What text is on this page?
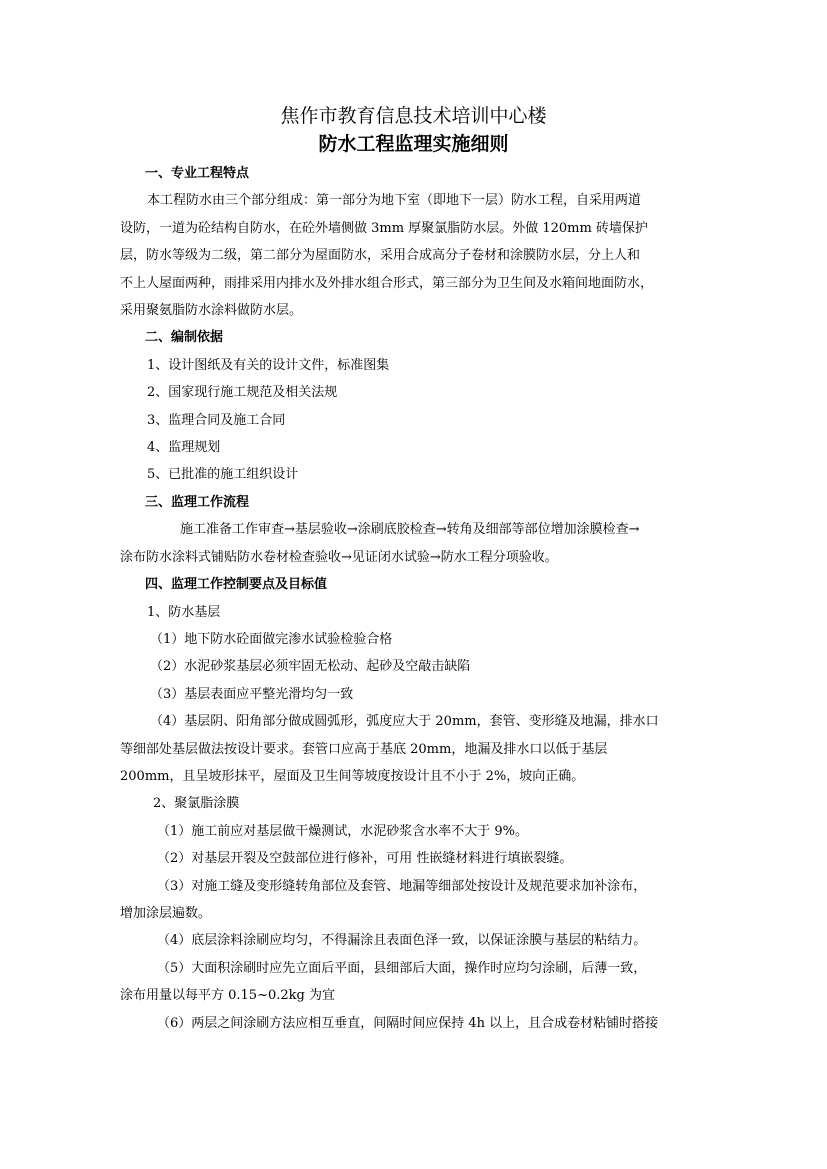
焦作市教育信息技术培训中心楼
防水工程监理实施细则

一、专业工程特点

本工程防水由三个部分组成：第一部分为地下室（即地下一层）防水工程，自采用两道

设防，一道为砼结构自防水，在砼外墙侧做 3mm 厚聚氯脂防水层。外做 120mm 砖墙保护

层，防水等级为二级，第二部分为屋面防水，采用合成高分子卷材和涂膜防水层，分上人和

不上人屋面两种，雨排采用内排水及外排水组合形式，第三部分为卫生间及水箱间地面防水，

采用聚氨脂防水涂料做防水层。

二、编制依据

1、设计图纸及有关的设计文件，标准图集

2、国家现行施工规范及相关法规

3、监理合同及施工合同

4、监理规划

5、已批准的施工组织设计

三、监理工作流程

施工准备工作审查→基层验收→涂刷底胶检查→转角及细部等部位增加涂膜检查→

涂布防水涂料式铺贴防水卷材检查验收→见证闭水试验→防水工程分项验收。

四、监理工作控制要点及目标值

1、防水基层

（1）地下防水砼面做完渗水试验检验合格

（2）水泥砂浆基层必须牢固无松动、起砂及空敲击缺陷

（3）基层表面应平整光滑均匀一致

（4）基层阴、阳角部分做成圆弧形，弧度应大于 20mm，套管、变形缝及地漏，排水口

等细部处基层做法按设计要求。套管口应高于基底 20mm，地漏及排水口以低于基层

200mm，且呈坡形抹平，屋面及卫生间等坡度按设计且不小于 2%，坡向正确。

2、聚氯脂涂膜

（1）施工前应对基层做干燥测试，水泥砂浆含水率不大于 9%。

（2）对基层开裂及空鼓部位进行修补，可用 性嵌缝材料进行填嵌裂缝。

（3）对施工缝及变形缝转角部位及套管、地漏等细部处按设计及规范要求加补涂布，

增加涂层遍数。

（4）底层涂料涂刷应均匀，不得漏涂且表面色泽一致，以保证涂膜与基层的粘结力。

（5）大面积涂刷时应先立面后平面，县细部后大面，操作时应均匀涂刷，后薄一致，

涂布用量以每平方 0.15~0.2kg 为宜

（6）两层之间涂刷方法应相互垂直，间隔时间应保持 4h 以上，且合成卷材粘铺时搭接
